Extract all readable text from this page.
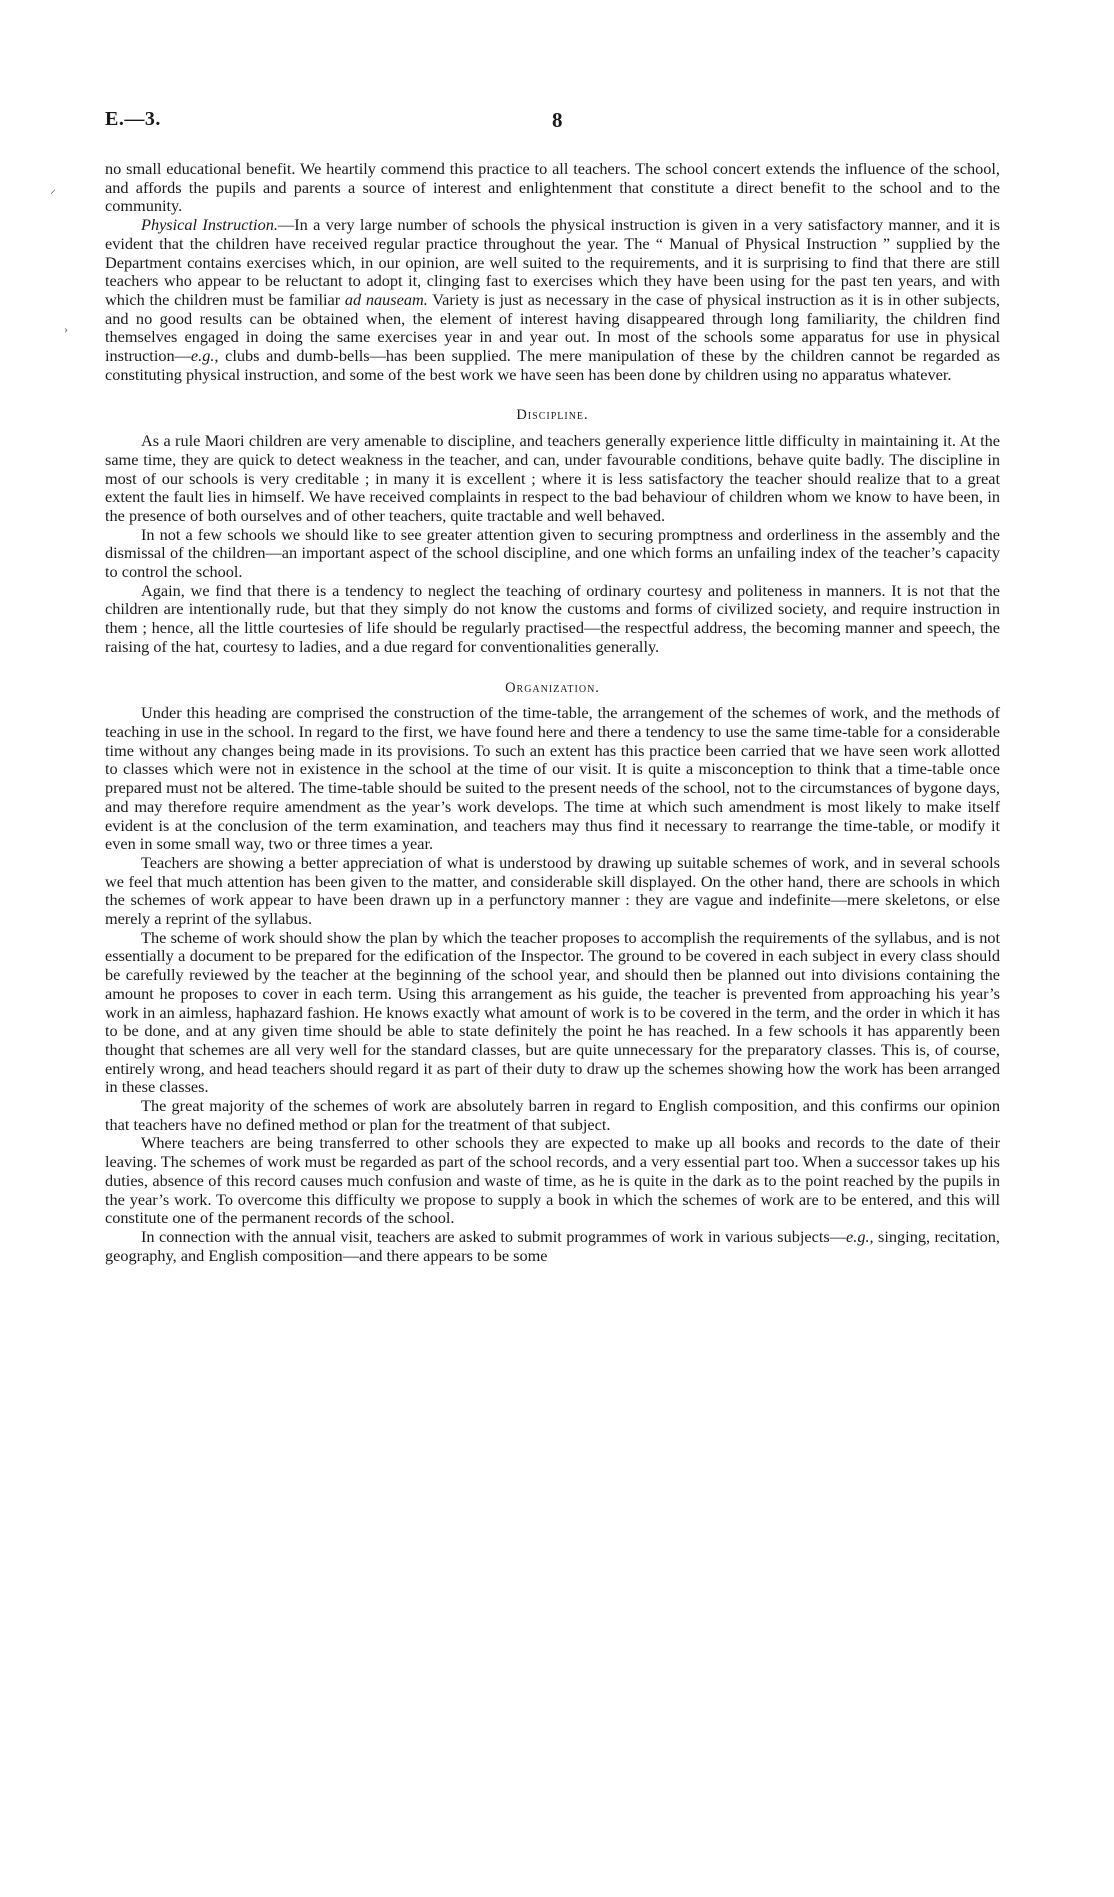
E.—3.	8
⸝
›

no small educational benefit. We heartily commend this practice to all teachers. The school concert extends the influence of the school, and affords the pupils and parents a source of interest and enlightenment that constitute a direct benefit to the school and to the community.

Physical Instruction.—In a very large number of schools the physical instruction is given in a very satisfactory manner, and it is evident that the children have received regular practice throughout the year. The “ Manual of Physical Instruction ” supplied by the Department contains exercises which, in our opinion, are well suited to the requirements, and it is surprising to find that there are still teachers who appear to be reluctant to adopt it, clinging fast to exercises which they have been using for the past ten years, and with which the children must be familiar ad nauseam. Variety is just as necessary in the case of physical instruction as it is in other subjects, and no good results can be obtained when, the element of interest having disappeared through long familiarity, the children find themselves engaged in doing the same exercises year in and year out. In most of the schools some apparatus for use in physical instruction—e.g., clubs and dumb-bells—has been supplied. The mere manipulation of these by the children cannot be regarded as constituting physical instruction, and some of the best work we have seen has been done by children using no apparatus whatever.

Discipline.

As a rule Maori children are very amenable to discipline, and teachers generally experience little difficulty in maintaining it. At the same time, they are quick to detect weakness in the teacher, and can, under favourable conditions, behave quite badly. The discipline in most of our schools is very creditable ; in many it is excellent ; where it is less satisfactory the teacher should realize that to a great extent the fault lies in himself. We have received complaints in respect to the bad behaviour of children whom we know to have been, in the presence of both ourselves and of other teachers, quite tractable and well behaved.

In not a few schools we should like to see greater attention given to securing promptness and orderliness in the assembly and the dismissal of the children—an important aspect of the school discipline, and one which forms an unfailing index of the teacher’s capacity to control the school.

Again, we find that there is a tendency to neglect the teaching of ordinary courtesy and politeness in manners. It is not that the children are intentionally rude, but that they simply do not know the customs and forms of civilized society, and require instruction in them ; hence, all the little courtesies of life should be regularly practised—the respectful address, the becoming manner and speech, the raising of the hat, courtesy to ladies, and a due regard for conventionalities generally.

Organization.

Under this heading are comprised the construction of the time-table, the arrangement of the schemes of work, and the methods of teaching in use in the school. In regard to the first, we have found here and there a tendency to use the same time-table for a considerable time without any changes being made in its provisions. To such an extent has this practice been carried that we have seen work allotted to classes which were not in existence in the school at the time of our visit. It is quite a misconception to think that a time-table once prepared must not be altered. The time-table should be suited to the present needs of the school, not to the circumstances of bygone days, and may therefore require amendment as the year’s work develops. The time at which such amendment is most likely to make itself evident is at the conclusion of the term examination, and teachers may thus find it necessary to rearrange the time-table, or modify it even in some small way, two or three times a year.

Teachers are showing a better appreciation of what is understood by drawing up suitable schemes of work, and in several schools we feel that much attention has been given to the matter, and considerable skill displayed. On the other hand, there are schools in which the schemes of work appear to have been drawn up in a perfunctory manner : they are vague and indefinite—mere skeletons, or else merely a reprint of the syllabus.

The scheme of work should show the plan by which the teacher proposes to accomplish the requirements of the syllabus, and is not essentially a document to be prepared for the edification of the Inspector. The ground to be covered in each subject in every class should be carefully reviewed by the teacher at the beginning of the school year, and should then be planned out into divisions containing the amount he proposes to cover in each term. Using this arrangement as his guide, the teacher is prevented from approaching his year’s work in an aimless, haphazard fashion. He knows exactly what amount of work is to be covered in the term, and the order in which it has to be done, and at any given time should be able to state definitely the point he has reached. In a few schools it has apparently been thought that schemes are all very well for the standard classes, but are quite unnecessary for the preparatory classes. This is, of course, entirely wrong, and head teachers should regard it as part of their duty to draw up the schemes showing how the work has been arranged in these classes.

The great majority of the schemes of work are absolutely barren in regard to English composition, and this confirms our opinion that teachers have no defined method or plan for the treatment of that subject.

Where teachers are being transferred to other schools they are expected to make up all books and records to the date of their leaving. The schemes of work must be regarded as part of the school records, and a very essential part too. When a successor takes up his duties, absence of this record causes much confusion and waste of time, as he is quite in the dark as to the point reached by the pupils in the year’s work. To overcome this difficulty we propose to supply a book in which the schemes of work are to be entered, and this will constitute one of the permanent records of the school.

In connection with the annual visit, teachers are asked to submit programmes of work in various subjects—e.g., singing, recitation, geography, and English composition—and there appears to be some
